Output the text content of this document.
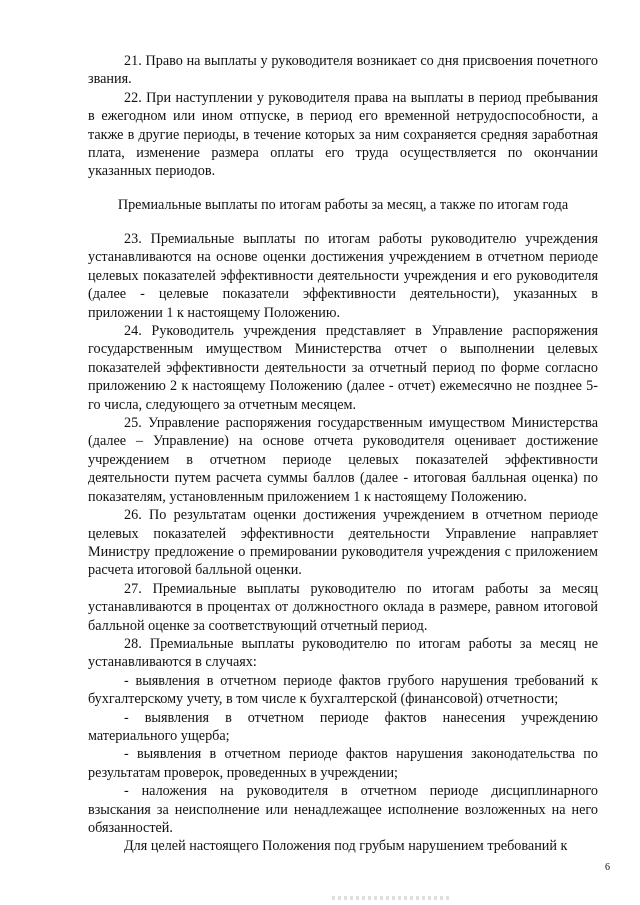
21. Право на выплаты у руководителя возникает со дня присвоения почетного звания.

22. При наступлении у руководителя права на выплаты в период пребывания в ежегодном или ином отпуске, в период его временной нетрудоспособности, а также в другие периоды, в течение которых за ним сохраняется средняя заработная плата, изменение размера оплаты его труда осуществляется по окончании указанных периодов.

Премиальные выплаты по итогам работы за месяц, а также по итогам года

23. Премиальные выплаты по итогам работы руководителю учреждения устанавливаются на основе оценки достижения учреждением в отчетном периоде целевых показателей эффективности деятельности учреждения и его руководителя (далее - целевые показатели эффективности деятельности), указанных в приложении 1 к настоящему Положению.

24. Руководитель учреждения представляет в Управление распоряжения государственным имуществом Министерства отчет о выполнении целевых показателей эффективности деятельности за отчетный период по форме согласно приложению 2 к настоящему Положению (далее - отчет) ежемесячно не позднее 5-го числа, следующего за отчетным месяцем.

25. Управление распоряжения государственным имуществом Министерства (далее – Управление) на основе отчета руководителя оценивает достижение учреждением в отчетном периоде целевых показателей эффективности деятельности путем расчета суммы баллов (далее - итоговая балльная оценка) по показателям, установленным приложением 1 к настоящему Положению.

26. По результатам оценки достижения учреждением в отчетном периоде целевых показателей эффективности деятельности Управление направляет Министру предложение о премировании руководителя учреждения с приложением расчета итоговой балльной оценки.

27. Премиальные выплаты руководителю по итогам работы за месяц устанавливаются в процентах от должностного оклада в размере, равном итоговой балльной оценке за соответствующий отчетный период.

28. Премиальные выплаты руководителю по итогам работы за месяц не устанавливаются в случаях:

- выявления в отчетном периоде фактов грубого нарушения требований к бухгалтерскому учету, в том числе к бухгалтерской (финансовой) отчетности;

- выявления в отчетном периоде фактов нанесения учреждению материального ущерба;

- выявления в отчетном периоде фактов нарушения законодательства по результатам проверок, проведенных в учреждении;

- наложения на руководителя в отчетном периоде дисциплинарного взыскания за неисполнение или ненадлежащее исполнение возложенных на него обязанностей.

Для целей настоящего Положения под грубым нарушением требований к

6
